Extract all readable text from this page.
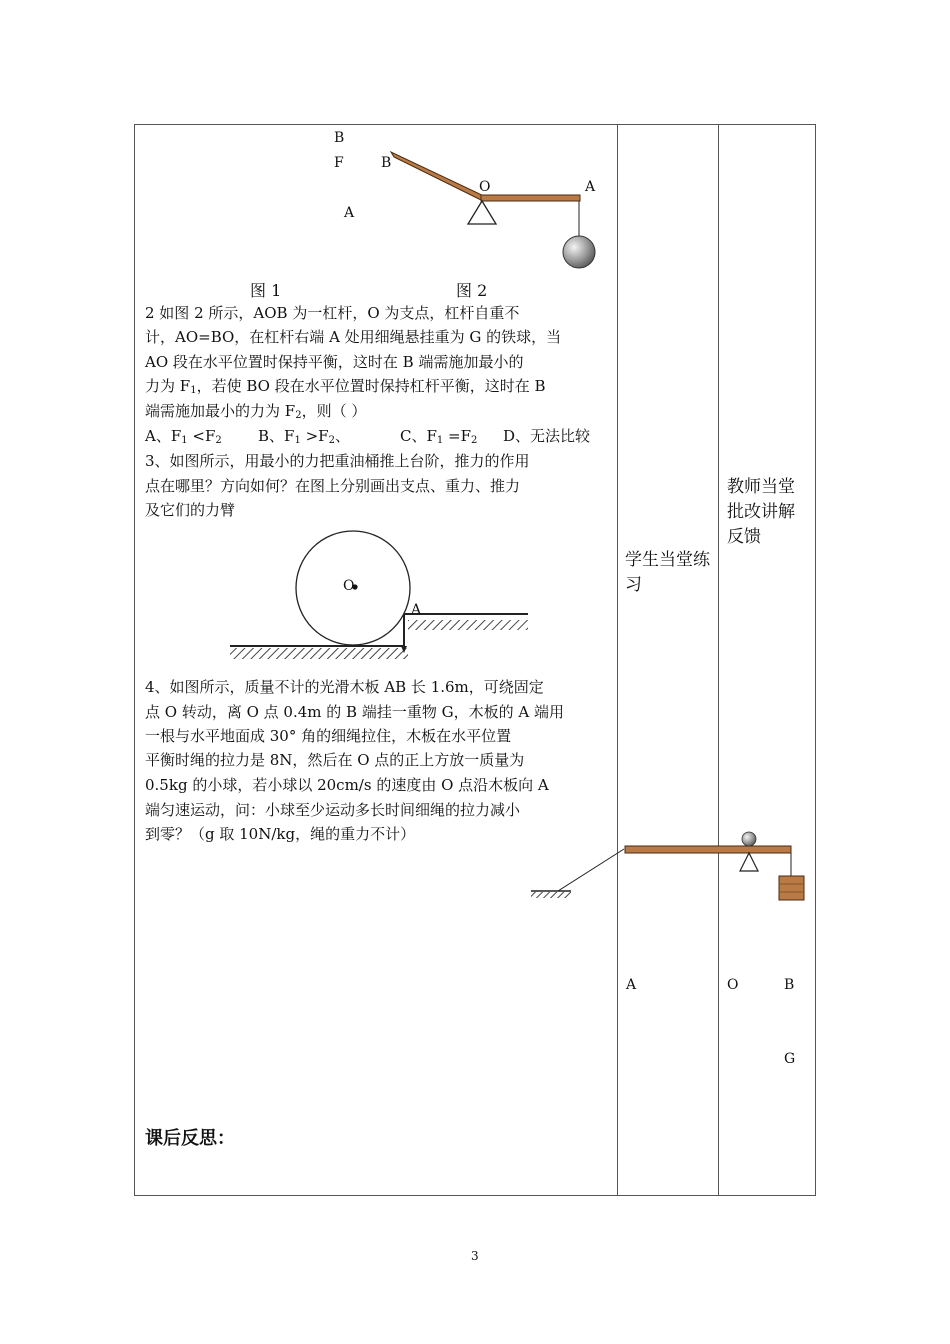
B
F
A
B
O	A
图 1	图 2
2 如图 2 所示，AOB 为一杠杆，O 为支点，杠杆自重不
计，AO=BO，在杠杆右端 A 处用细绳悬挂重为 G 的铁球，当
AO 段在水平位置时保持平衡，这时在 B 端需施加最小的
力为 $F_1$，若使 BO 段在水平位置时保持杠杆平衡，这时在 B
端需施加最小的力为 $F_2$，则（ ）
A、$F_1 <F_2$ B、$F_1 >F_2$、	C、$F_1 =F_2$ D、无法比较
3、如图所示，用最小的力把重油桶推上台阶，推力的作用
点在哪里？方向如何？在图上分别画出支点、重力、推力
及它们的力臂
O
A
4、如图所示，质量不计的光滑木板 AB 长 1.6m，可绕固定
点 O 转动，离 O 点 0.4m 的 B 端挂一重物 G，木板的 A 端用
一根与水平地面成 30° 角的细绳拉住，木板在水平位置
平衡时绳的拉力是 8N，然后在 O 点的正上方放一质量为
0.5kg 的小球，若小球以 20cm/s 的速度由 O 点沿木板向 A
端匀速运动，问：小球至少运动多长时间细绳的拉力减小
到零？（g 取 10N/kg，绳的重力不计）
学生当堂练习
教师当堂批改讲解反馈
A	O	B
G
课后反思：
3
